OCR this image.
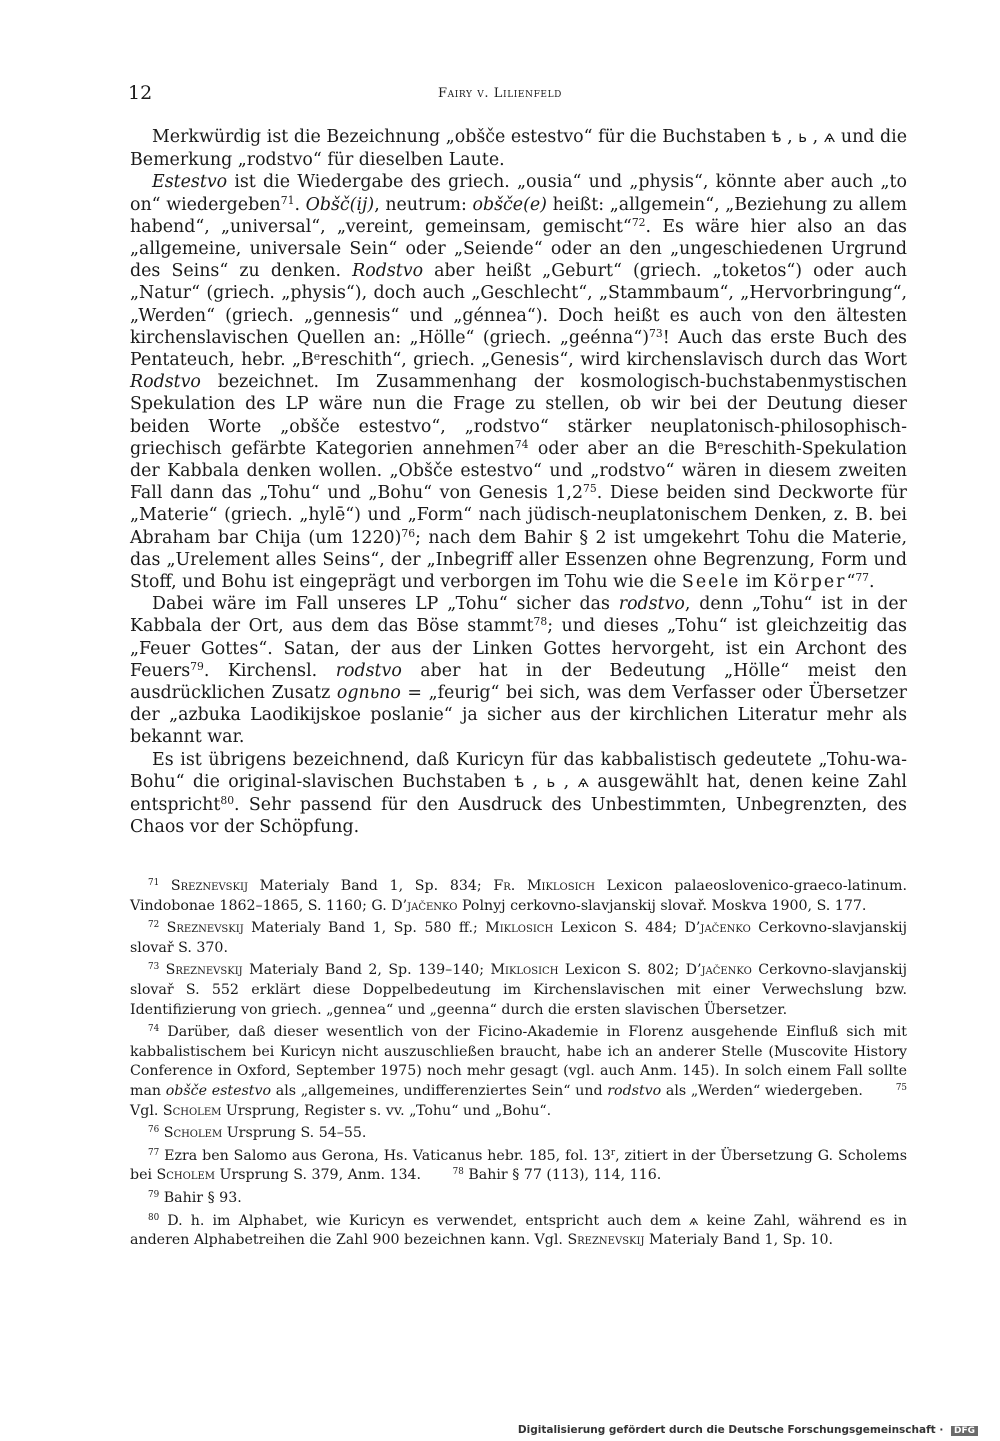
12	Fairy v. Lilienfeld

Merkwürdig ist die Bezeichnung „obšče estestvo“ für die Buchstaben ѣ , ь , ѧ und die Bemerkung „rodstvo“ für dieselben Laute.

Estestvo ist die Wiedergabe des griech. „ousia“ und „physis“, könnte aber auch „to on“ wiedergeben$^{71}$. Obšč(ij), neutrum: obšče(e) heißt: „allgemein“, „Beziehung zu allem habend“, „universal“, „vereint, gemeinsam, gemischt“$^{72}$. Es wäre hier also an das „allgemeine, universale Sein“ oder „Seiende“ oder an den „ungeschiedenen Urgrund des Seins“ zu denken. Rodstvo aber heißt „Geburt“ (griech. „toketos“) oder auch „Natur“ (griech. „physis“), doch auch „Geschlecht“, „Stammbaum“, „Hervorbringung“, „Werden“ (griech. „gennesis“ und „génnea“). Doch heißt es auch von den ältesten kirchenslavischen Quellen an: „Hölle“ (griech. „geénna“)$^{73}$! Auch das erste Buch des Pentateuch, hebr. $„B^ereschith“$, griech. „Genesis“, wird kirchenslavisch durch das Wort Rodstvo bezeichnet. Im Zusammenhang der kosmologisch-buchstabenmystischen Spekulation des LP wäre nun die Frage zu stellen, ob wir bei der Deutung dieser beiden Worte „obšče estestvo“, „rodstvo“ stärker neuplatonisch-philosophisch-griechisch gefärbte Kategorien annehmen$^{74}$ oder aber an die $B^ereschith$-Spekulation der Kabbala denken wollen. „Obšče estestvo“ und „rodstvo“ wären in diesem zweiten Fall dann das „Tohu“ und „Bohu“ von Genesis $1,2^{75}$. Diese beiden sind Deckworte für „Materie“ (griech. „hylē“) und „Form“ nach jüdisch-neuplatonischem Denken, z. B. bei Abraham bar Chija (um 1220)$^{76}$; nach dem Bahir § 2 ist umgekehrt Tohu die Materie, das „Urelement alles Seins“, der „Inbegriff aller Essenzen ohne Begrenzung, Form und Stoff, und Bohu ist eingeprägt und verborgen im Tohu wie die Seele im Körper“$^{77}$.

Dabei wäre im Fall unseres LP „Tohu“ sicher das rodstvo, denn „Tohu“ ist in der Kabbala der Ort, aus dem das Böse stammt$^{78}$; und dieses „Tohu“ ist gleichzeitig das „Feuer Gottes“. Satan, der aus der Linken Gottes hervorgeht, ist ein Archont des Feuers$^{79}$. Kirchensl. rodstvo aber hat in der Bedeutung „Hölle“ meist den ausdrücklichen Zusatz ognьno = „feurig“ bei sich, was dem Verfasser oder Übersetzer der „azbuka Laodikijskoe poslanie“ ja sicher aus der kirchlichen Literatur mehr als bekannt war.

Es ist übrigens bezeichnend, daß Kuricyn für das kabbalistisch gedeutete „Tohu-wa-Bohu“ die original-slavischen Buchstaben ѣ , ь , ѧ ausgewählt hat, denen keine Zahl entspricht$^{80}$. Sehr passend für den Ausdruck des Unbestimmten, Unbegrenzten, des Chaos vor der Schöpfung.

$^{71}$ Sreznevskij Materialy Band 1, Sp. 834; Fr. Miklosich Lexicon palaeoslovenico-graeco-latinum. Vindobonae 1862–1865, S. 1160; G. D’jačenko Polnyj cerkovno-slavjanskij slovař. Moskva 1900, S. 177.

$^{72}$ Sreznevskij Materialy Band 1, Sp. 580 ff.; Miklosich Lexicon S. 484; D’jačenko Cerkovno-slavjanskij slovař S. 370.

$^{73}$ Sreznevskij Materialy Band 2, Sp. 139–140; Miklosich Lexicon S. 802; D’jačenko Cerkovno-slavjanskij slovař S. 552 erklärt diese Doppelbedeutung im Kirchenslavischen mit einer Verwechslung bzw. Identifizierung von griech. „gennea“ und „geenna“ durch die ersten slavischen Übersetzer.

$^{74}$ Darüber, daß dieser wesentlich von der Ficino-Akademie in Florenz ausgehende Einfluß sich mit kabbalistischem bei Kuricyn nicht auszuschließen braucht, habe ich an anderer Stelle (Muscovite History Conference in Oxford, September 1975) noch mehr gesagt (vgl. auch Anm. 145). In solch einem Fall sollte man obšče estestvo als „allgemeines, undifferenziertes Sein“ und rodstvo als „Werden“ wiedergeben.	$^{75}$ Vgl. Scholem Ursprung, Register s. vv. „Tohu“ und „Bohu“.

$^{76}$ Scholem Ursprung S. 54–55.

$^{77}$ Ezra ben Salomo aus Gerona, Hs. Vaticanus hebr. 185, fol. 13$^r$, zitiert in der Übersetzung G. Scholems bei Scholem Ursprung S. 379, Anm. 134.	$^{78}$ Bahir § 77 (113), 114, 116.

$^{79}$ Bahir § 93.

$^{80}$ D. h. im Alphabet, wie Kuricyn es verwendet, entspricht auch dem ѧ keine Zahl, während es in anderen Alphabetreihen die Zahl 900 bezeichnen kann. Vgl. Sreznevskij Materialy Band 1, Sp. 10.

Digitalisierung gefördert durch die Deutsche Forschungsgemeinschaft · DFG
